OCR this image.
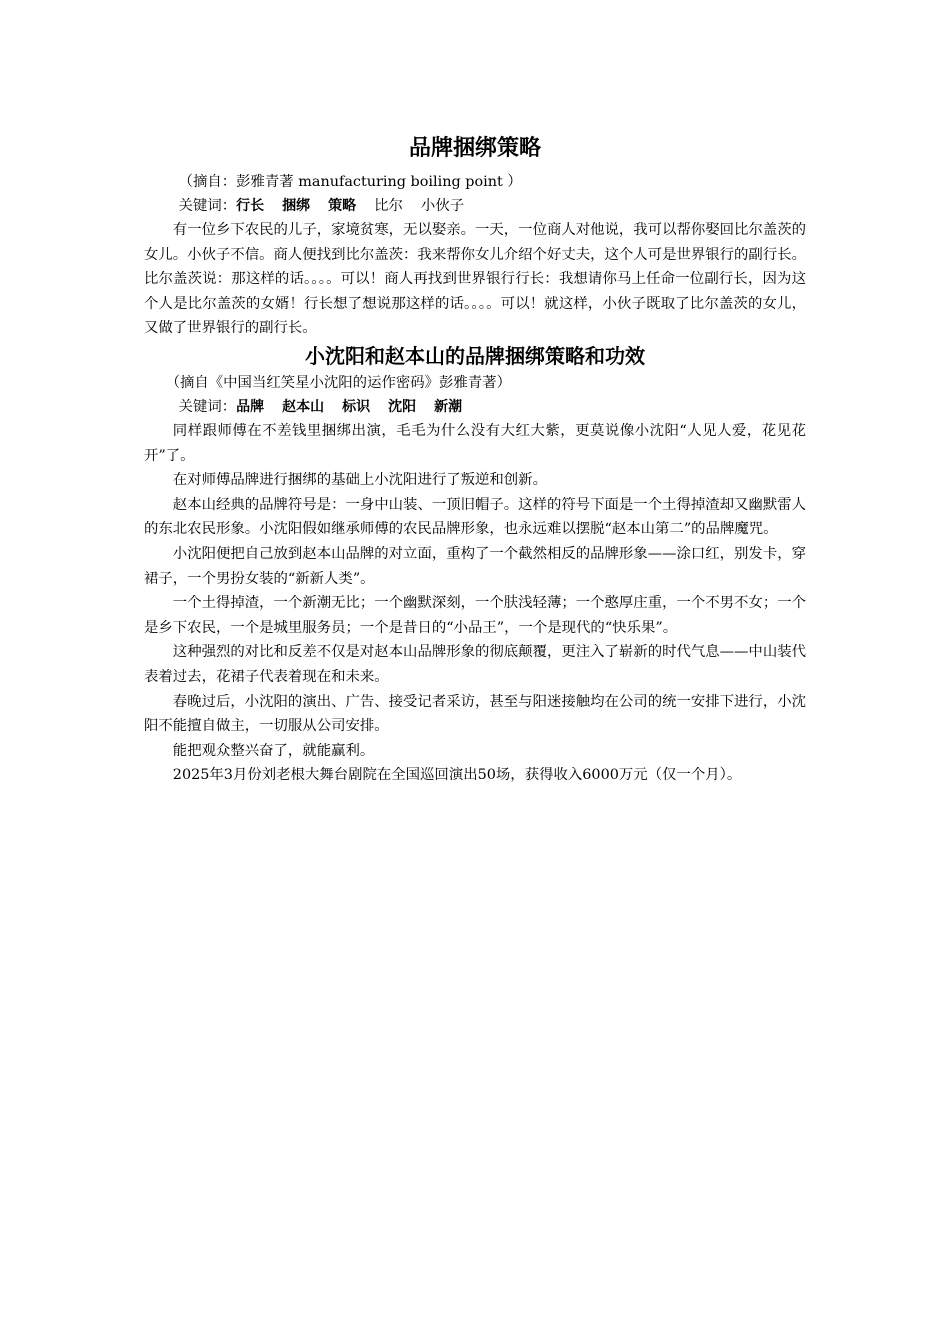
品牌捆绑策略

（摘自：彭雅青著 manufacturing boiling point ）

关键词：行长 捆绑 策略 比尔 小伙子

有一位乡下农民的儿子，家境贫寒，无以娶亲。一天，一位商人对他说，我可以帮你娶回比尔盖茨的女儿。小伙子不信。商人便找到比尔盖茨：我来帮你女儿介绍个好丈夫，这个人可是世界银行的副行长。比尔盖茨说：那这样的话。。。。可以！商人再找到世界银行行长：我想请你马上任命一位副行长，因为这个人是比尔盖茨的女婿！行长想了想说那这样的话。。。。可以！就这样，小伙子既取了比尔盖茨的女儿，又做了世界银行的副行长。

小沈阳和赵本山的品牌捆绑策略和功效

（摘自《中国当红笑星小沈阳的运作密码》彭雅青著）

关键词：品牌 赵本山 标识 沈阳 新潮

同样跟师傅在不差钱里捆绑出演，毛毛为什么没有大红大紫，更莫说像小沈阳“人见人爱，花见花开”了。

在对师傅品牌进行捆绑的基础上小沈阳进行了叛逆和创新。

赵本山经典的品牌符号是：一身中山装、一顶旧帽子。这样的符号下面是一个土得掉渣却又幽默雷人的东北农民形象。小沈阳假如继承师傅的农民品牌形象，也永远难以摆脱“赵本山第二”的品牌魔咒。

小沈阳便把自己放到赵本山品牌的对立面，重构了一个截然相反的品牌形象——涂口红，别发卡，穿裙子，一个男扮女装的“新新人类”。

一个土得掉渣，一个新潮无比；一个幽默深刻，一个肤浅轻薄；一个憨厚庄重，一个不男不女；一个是乡下农民，一个是城里服务员；一个是昔日的“小品王”，一个是现代的“快乐果”。

这种强烈的对比和反差不仅是对赵本山品牌形象的彻底颠覆，更注入了崭新的时代气息——中山装代表着过去，花裙子代表着现在和未来。

春晚过后，小沈阳的演出、广告、接受记者采访，甚至与阳迷接触均在公司的统一安排下进行，小沈阳不能擅自做主，一切服从公司安排。

能把观众整兴奋了，就能赢利。

2025年3月份刘老根大舞台剧院在全国巡回演出50场，获得收入6000万元（仅一个月）。
